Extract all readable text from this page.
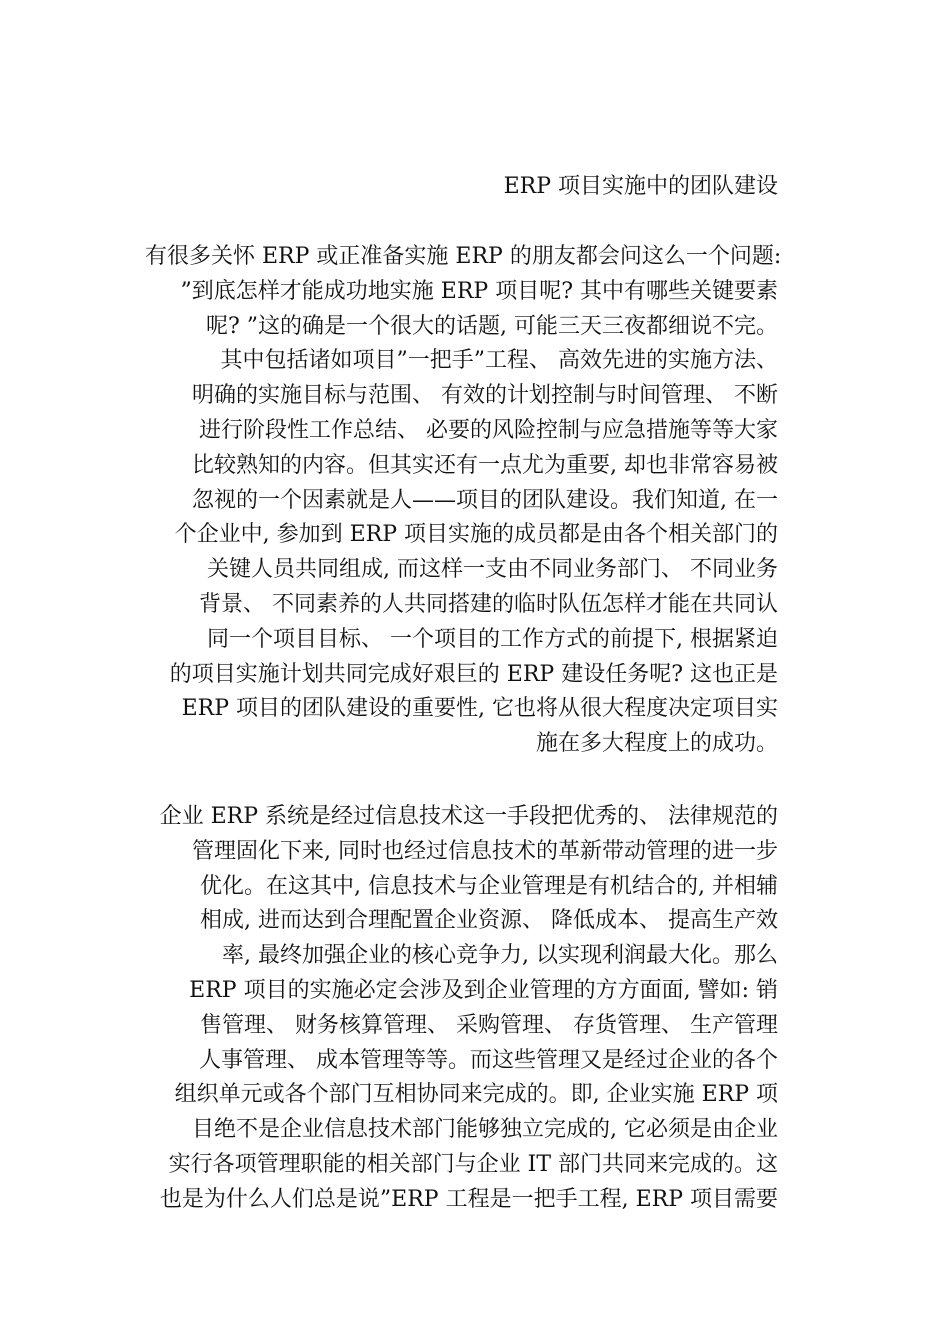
ERP 项目实施中的团队建设
有很多关怀 ERP 或正准备实施 ERP 的朋友都会问这么一个问题:
”到底怎样才能成功地实施 ERP 项目呢? 其中有哪些关键要素
呢? ”这的确是一个很大的话题, 可能三天三夜都细说不完。
其中包括诸如项目”一把手”工程、 高效先进的实施方法、
明确的实施目标与范围、 有效的计划控制与时间管理、 不断
进行阶段性工作总结、 必要的风险控制与应急措施等等大家
比较熟知的内容。但其实还有一点尤为重要, 却也非常容易被
忽视的一个因素就是人——项目的团队建设。我们知道, 在一
个企业中, 参加到 ERP 项目实施的成员都是由各个相关部门的
关键人员共同组成, 而这样一支由不同业务部门、 不同业务
背景、 不同素养的人共同搭建的临时队伍怎样才能在共同认
同一个项目目标、 一个项目的工作方式的前提下, 根据紧迫
的项目实施计划共同完成好艰巨的 ERP 建设任务呢? 这也正是
ERP 项目的团队建设的重要性, 它也将从很大程度决定项目实
施在多大程度上的成功。
企业 ERP 系统是经过信息技术这一手段把优秀的、 法律规范的
管理固化下来, 同时也经过信息技术的革新带动管理的进一步
优化。在这其中, 信息技术与企业管理是有机结合的, 并相辅
相成, 进而达到合理配置企业资源、 降低成本、 提高生产效
率, 最终加强企业的核心竞争力, 以实现利润最大化。那么
ERP 项目的实施必定会涉及到企业管理的方方面面, 譬如: 销
售管理、 财务核算管理、 采购管理、 存货管理、 生产管理
人事管理、 成本管理等等。而这些管理又是经过企业的各个
组织单元或各个部门互相协同来完成的。即, 企业实施 ERP 项
目绝不是企业信息技术部门能够独立完成的, 它必须是由企业
实行各项管理职能的相关部门与企业 IT 部门共同来完成的。这
也是为什么人们总是说”ERP 工程是一把手工程, ERP 项目需要
